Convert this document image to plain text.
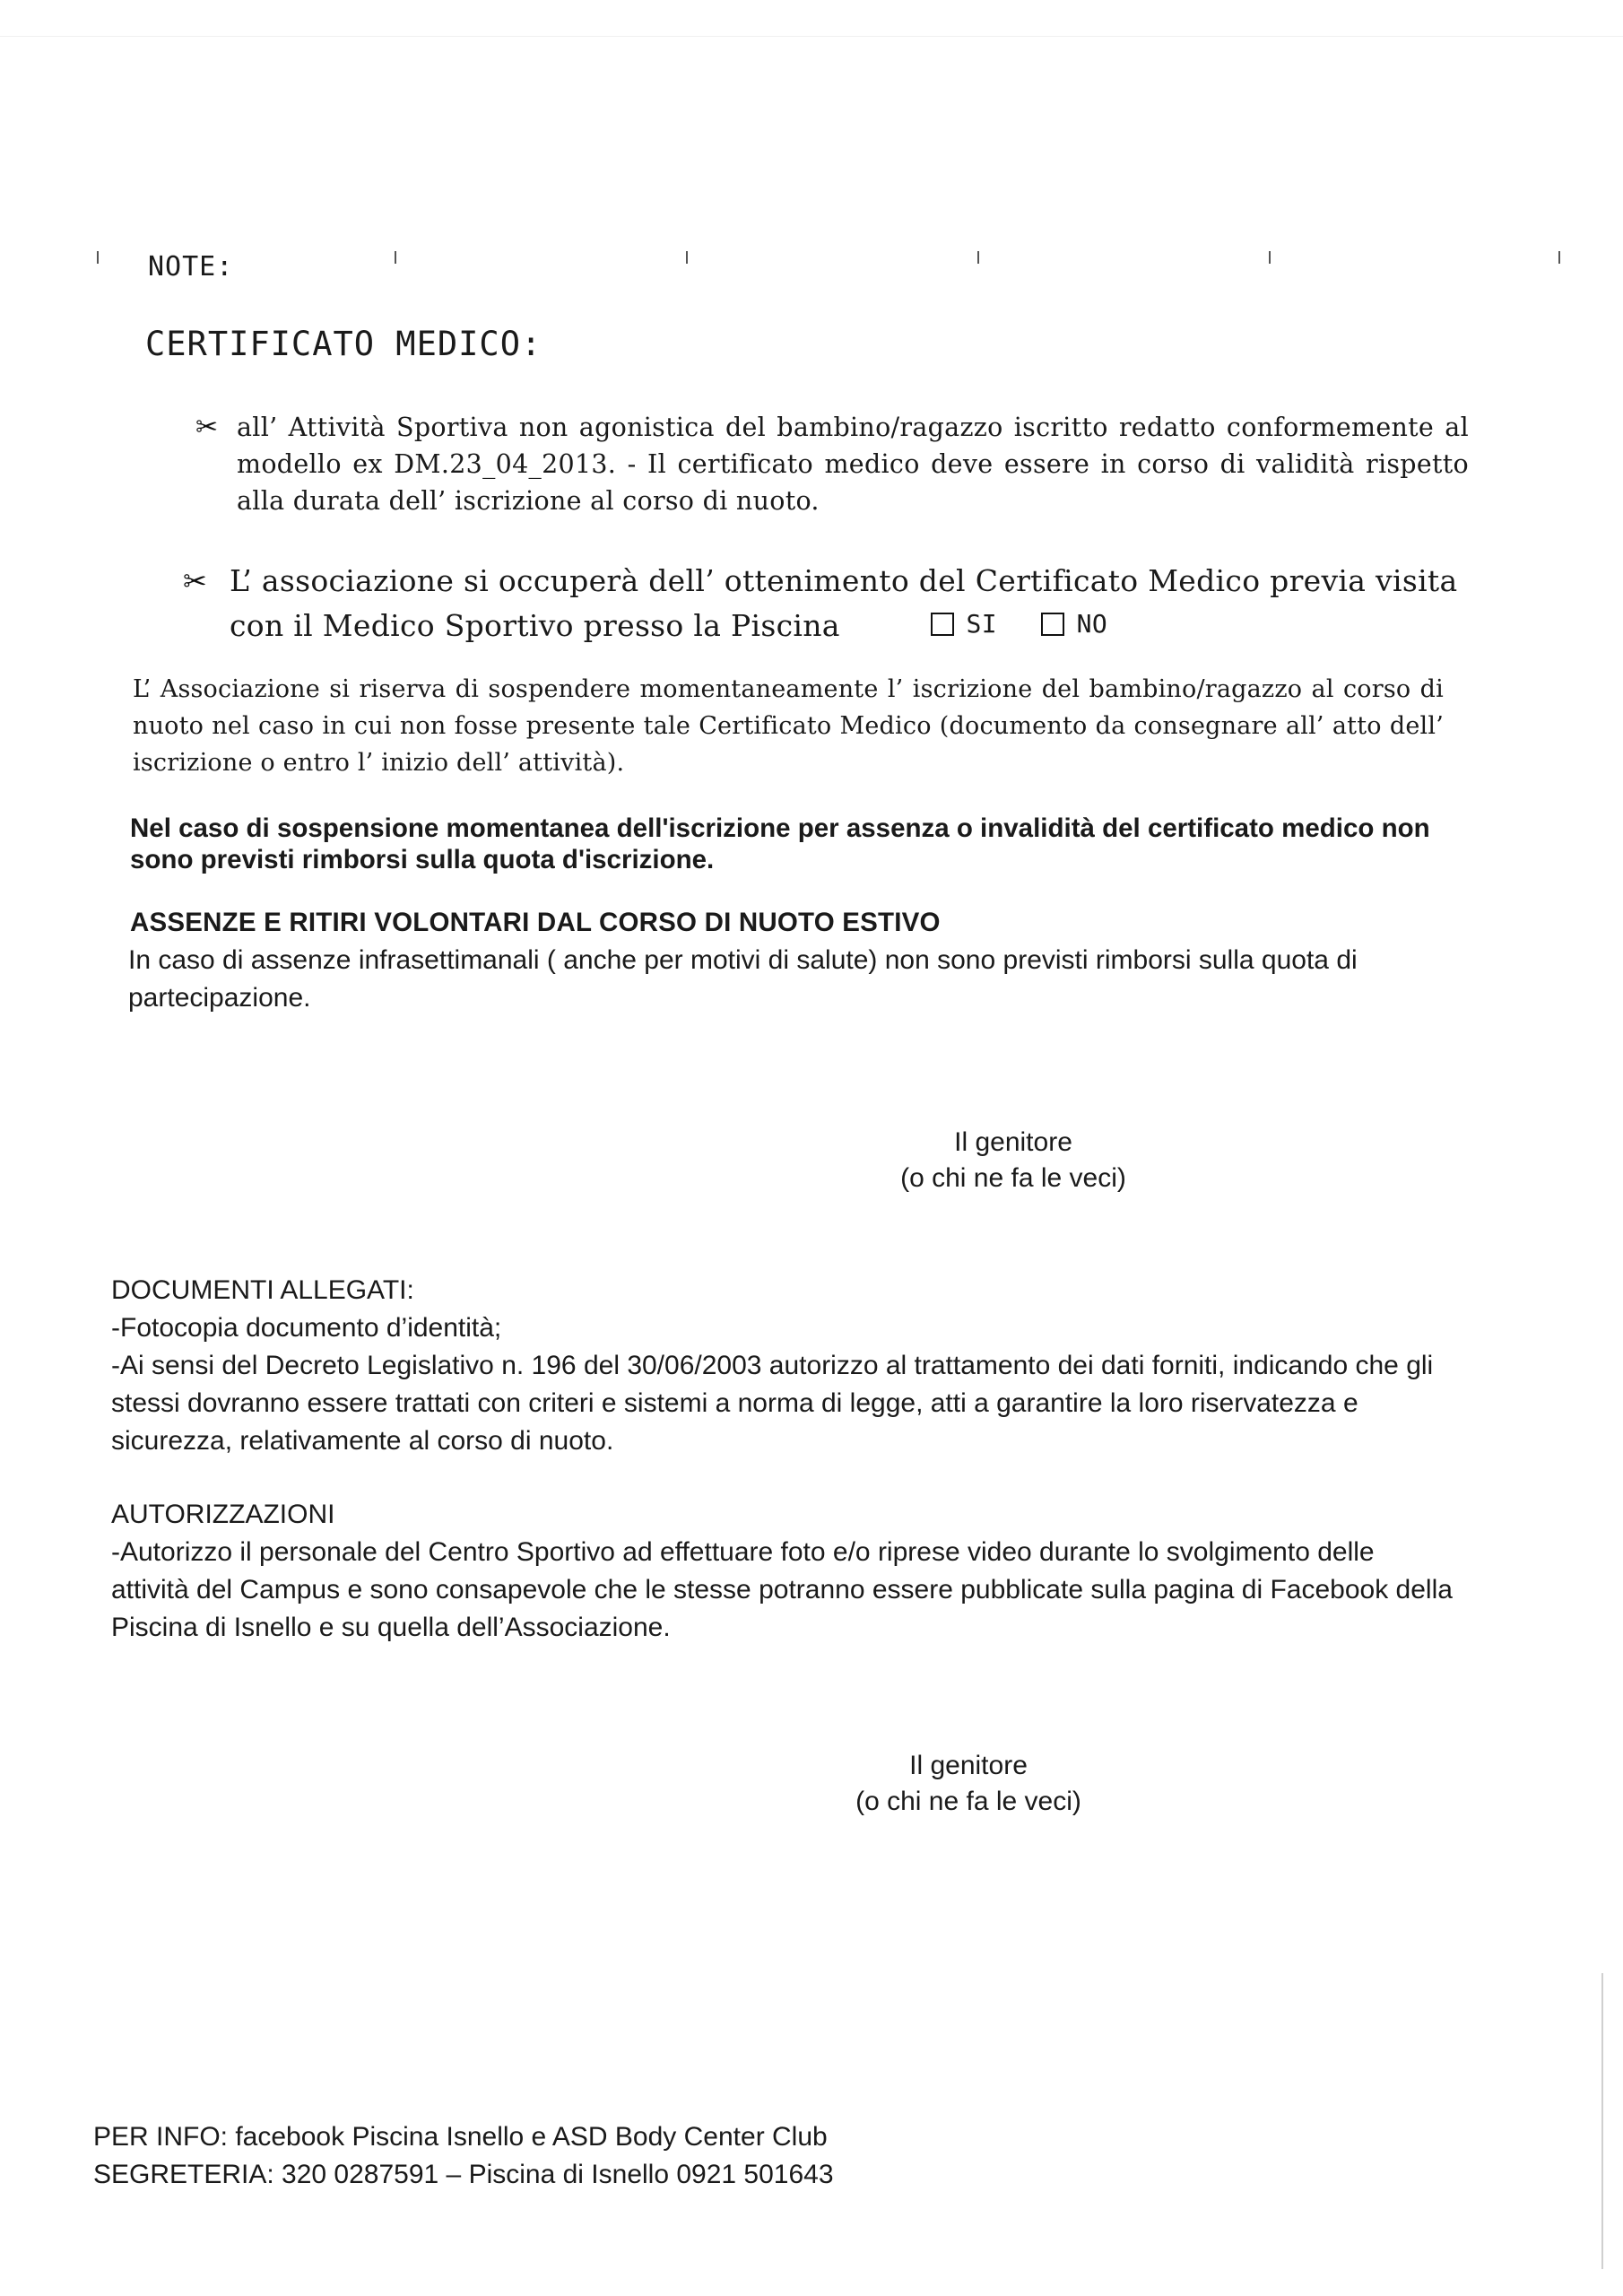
NOTE:

CERTIFICATO MEDICO:
✂ all’ Attività Sportiva non agonistica del bambino/ragazzo iscritto redatto conformemente al modello ex DM.23_04_2013. - Il certificato medico deve essere in corso di validità rispetto alla durata dell’ iscrizione al corso di nuoto.
✂ L’ associazione si occuperà dell’ ottenimento del Certificato Medico previa visita con il Medico Sportivo presso la Piscina	SI
	NO

L’ Associazione si riserva di sospendere momentaneamente l’ iscrizione del bambino/ragazzo al corso di nuoto nel caso in cui non fosse presente tale Certificato Medico (documento da consegnare all’ atto dell’ iscrizione o entro l’ inizio dell’ attività).

Nel caso di sospensione momentanea dell'iscrizione per assenza o invalidità del certificato medico non sono previsti rimborsi sulla quota d'iscrizione.

ASSENZE E RITIRI VOLONTARI DAL CORSO DI NUOTO ESTIVO

In caso di assenze infrasettimanali ( anche per motivi di salute) non sono previsti rimborsi sulla quota di partecipazione.

Il genitore
(o chi ne fa le veci)

DOCUMENTI ALLEGATI:

-Fotocopia documento d’identità;

-Ai sensi del Decreto Legislativo n. 196 del 30/06/2003 autorizzo al trattamento dei dati forniti, indicando che gli stessi dovranno essere trattati con criteri e sistemi a norma di legge, atti a garantire la loro riservatezza e sicurezza, relativamente al corso di nuoto.

AUTORIZZAZIONI

-Autorizzo il personale del Centro Sportivo ad effettuare foto e/o riprese video durante lo svolgimento delle attività del Campus e sono consapevole che le stesse potranno essere pubblicate sulla pagina di Facebook della Piscina di Isnello e su quella dell’Associazione.

Il genitore
(o chi ne fa le veci)

PER INFO: facebook Piscina Isnello e ASD Body Center Club

SEGRETERIA: 320 0287591 – Piscina di Isnello 0921 501643
